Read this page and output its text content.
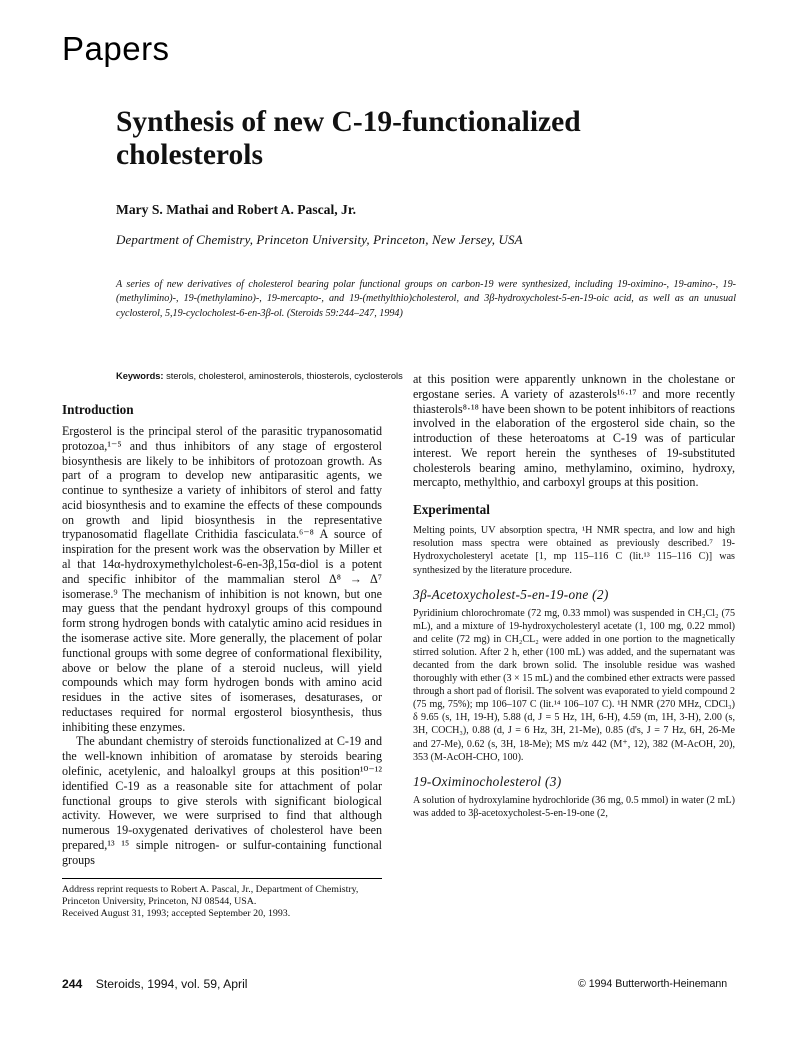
Papers
Synthesis of new C-19-functionalized
cholesterols
Mary S. Mathai and Robert A. Pascal, Jr.
Department of Chemistry, Princeton University, Princeton, New Jersey, USA
A series of new derivatives of cholesterol bearing polar functional groups on carbon-19 were synthesized, including 19-oximino-, 19-amino-, 19-(methylimino)-, 19-(methylamino)-, 19-mercapto-, and 19-(methylthio)cholesterol, and 3β-hydroxycholest-5-en-19-oic acid, as well as an unusual cyclosterol, 5,19-cyclocholest-6-en-3β-ol. (Steroids 59:244–247, 1994)
Keywords: sterols, cholesterol, aminosterols, thiosterols, cyclosterols
Introduction

Ergosterol is the principal sterol of the parasitic trypanosomatid protozoa,¹⁻⁵ and thus inhibitors of any stage of ergosterol biosynthesis are likely to be inhibitors of protozoan growth. As part of a program to develop new antiparasitic agents, we continue to synthesize a variety of inhibitors of sterol and fatty acid biosynthesis and to examine the effects of these compounds on growth and lipid biosynthesis in the representative trypanosomatid flagellate Crithidia fasciculata.⁶⁻⁸ A source of inspiration for the present work was the observation by Miller et al that 14α-hydroxymethylcholest-6-en-3β,15α-diol is a potent and specific inhibitor of the mammalian sterol Δ⁸ → Δ⁷ isomerase.⁹ The mechanism of inhibition is not known, but one may guess that the pendant hydroxyl groups of this compound form strong hydrogen bonds with catalytic amino acid residues in the isomerase active site. More generally, the placement of polar functional groups with some degree of conformational flexibility, above or below the plane of a steroid nucleus, will yield compounds which may form hydrogen bonds with amino acid residues in the active sites of isomerases, desaturases, or reductases required for normal ergosterol biosynthesis, thus inhibiting these enzymes.

The abundant chemistry of steroids functionalized at C-19 and the well-known inhibition of aromatase by steroids bearing olefinic, acetylenic, and haloalkyl groups at this position¹⁰⁻¹² identified C-19 as a reasonable site for attachment of polar functional groups to give sterols with significant biological activity. However, we were surprised to find that although numerous 19-oxygenated derivatives of cholesterol have been prepared,¹³ ¹⁵ simple nitrogen- or sulfur-containing functional groups

at this position were apparently unknown in the cholestane or ergostane series. A variety of azasterols¹⁶·¹⁷ and more recently thiasterols⁸·¹⁸ have been shown to be potent inhibitors of reactions involved in the elaboration of the ergosterol side chain, so the introduction of these heteroatoms at C-19 was of particular interest. We report herein the syntheses of 19-substituted cholesterols bearing amino, methylamino, oximino, hydroxy, mercapto, methylthio, and carboxyl groups at this position.

Experimental

Melting points, UV absorption spectra, ¹H NMR spectra, and low and high resolution mass spectra were obtained as previously described.⁷ 19-Hydroxycholesteryl acetate [1, mp 115–116 C (lit.¹³ 115–116 C)] was synthesized by the literature procedure.

3β-Acetoxycholest-5-en-19-one (2)

Pyridinium chlorochromate (72 mg, 0.33 mmol) was suspended in CH₂Cl₂ (75 mL), and a mixture of 19-hydroxycholesteryl acetate (1, 100 mg, 0.22 mmol) and celite (72 mg) in CH₂CL₂ were added in one portion to the magnetically stirred solution. After 2 h, ether (100 mL) was added, and the supernatant was decanted from the dark brown solid. The insoluble residue was washed thoroughly with ether (3 × 15 mL) and the combined ether extracts were passed through a short pad of florisil. The solvent was evaporated to yield compound 2 (75 mg, 75%); mp 106–107 C (lit.¹⁴ 106–107 C). ¹H NMR (270 MHz, CDCl₃) δ 9.65 (s, 1H, 19-H), 5.88 (d, J = 5 Hz, 1H, 6-H), 4.59 (m, 1H, 3-H), 2.00 (s, 3H, COCH₃), 0.88 (d, J = 6 Hz, 3H, 21-Me), 0.85 (d's, J = 7 Hz, 6H, 26-Me and 27-Me), 0.62 (s, 3H, 18-Me); MS m/z 442 (M⁺, 12), 382 (M-AcOH, 20), 353 (M-AcOH-CHO, 100).

19-Oximinocholesterol (3)

A solution of hydroxylamine hydrochloride (36 mg, 0.5 mmol) in water (2 mL) was added to 3β-acetoxycholest-5-en-19-one (2,

Address reprint requests to Robert A. Pascal, Jr., Department of Chemistry, Princeton University, Princeton, NJ 08544, USA.
Received August 31, 1993; accepted September 20, 1993.
244 Steroids, 1994, vol. 59, April	© 1994 Butterworth-Heinemann
